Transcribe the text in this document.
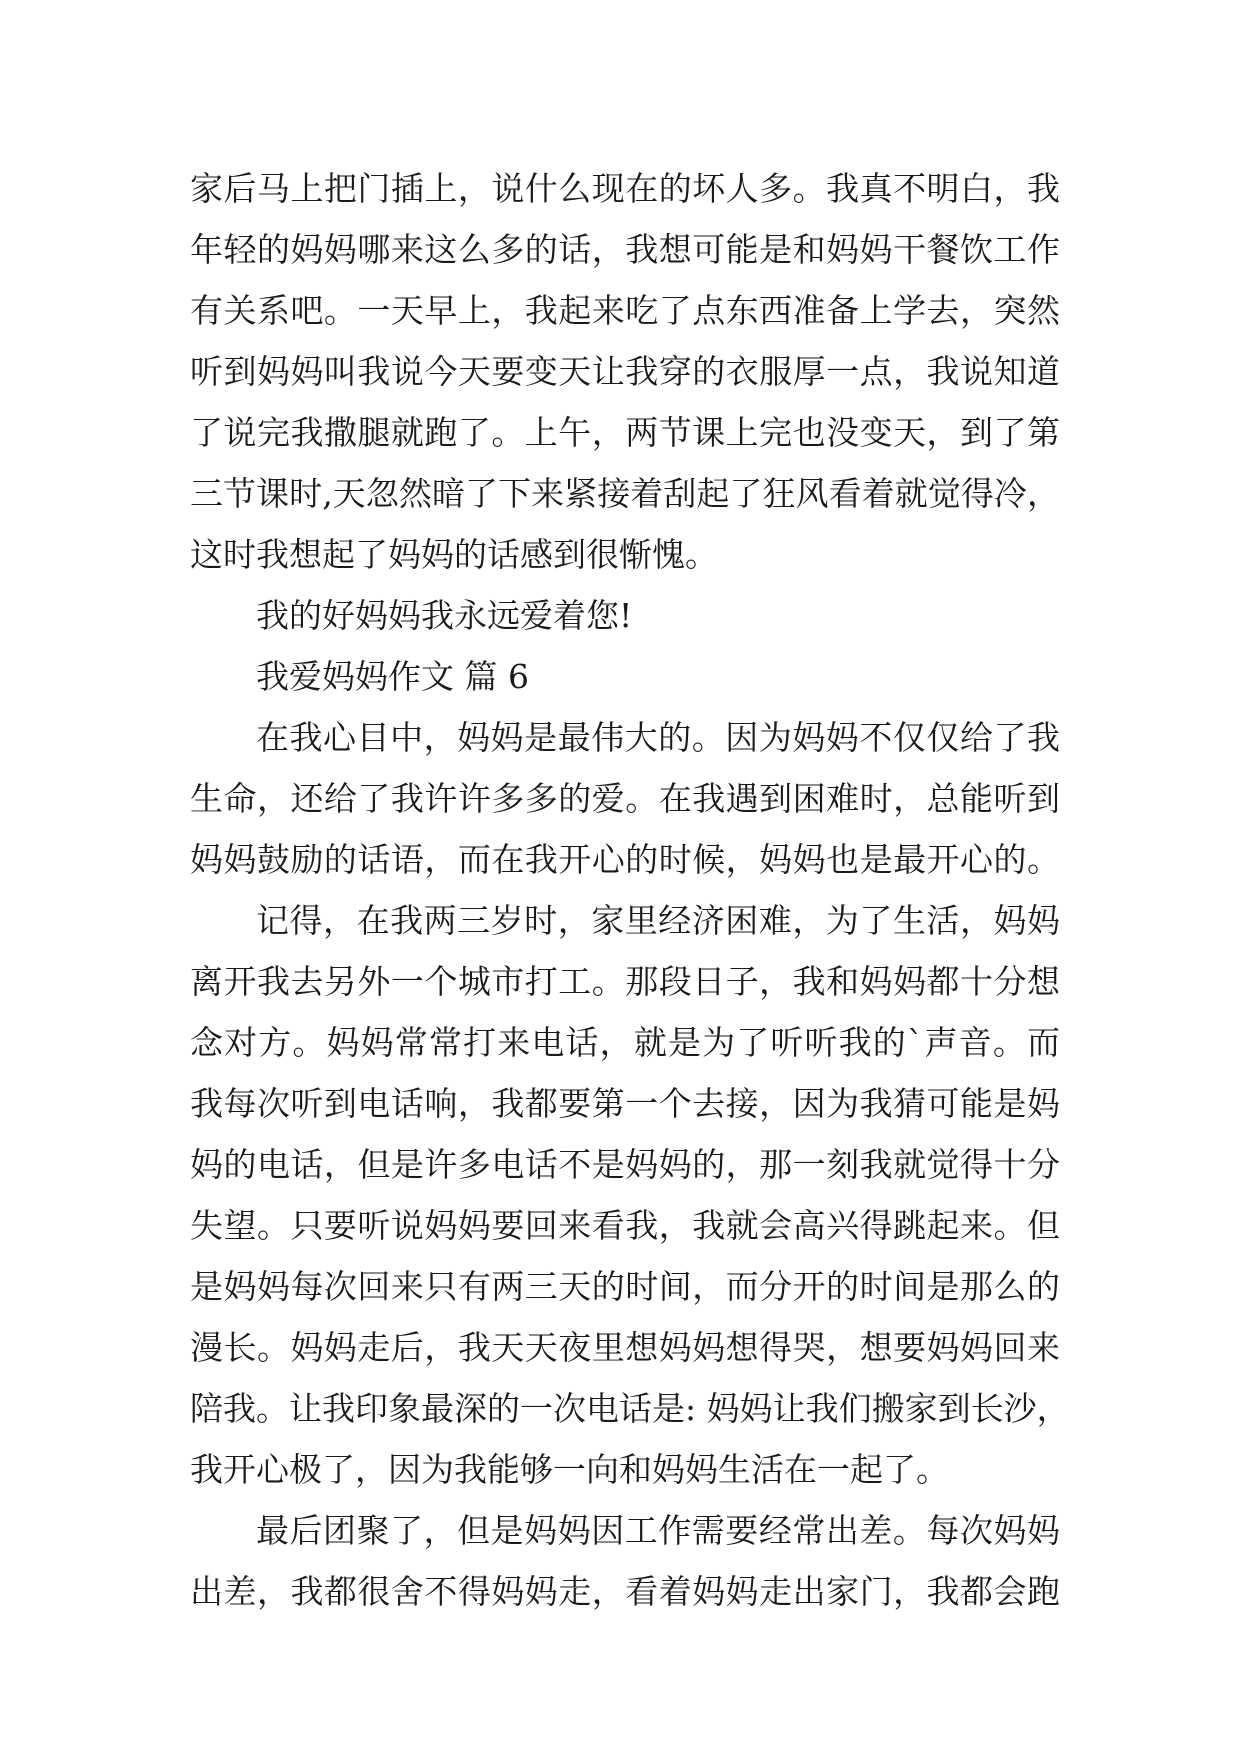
家后马上把门插上，说什么现在的坏人多。我真不明白，我
年轻的妈妈哪来这么多的话，我想可能是和妈妈干餐饮工作
有关系吧。一天早上，我起来吃了点东西准备上学去，突然
听到妈妈叫我说今天要变天让我穿的衣服厚一点，我说知道
了说完我撒腿就跑了。上午，两节课上完也没变天，到了第
三节课时,天忽然暗了下来紧接着刮起了狂风看着就觉得冷，
这时我想起了妈妈的话感到很惭愧。
我的好妈妈我永远爱着您!
我爱妈妈作文 篇 6
在我心目中，妈妈是最伟大的。因为妈妈不仅仅给了我
生命，还给了我许许多多的爱。在我遇到困难时，总能听到
妈妈鼓励的话语，而在我开心的时候，妈妈也是最开心的。
记得，在我两三岁时，家里经济困难，为了生活，妈妈
离开我去另外一个城市打工。那段日子，我和妈妈都十分想
念对方。妈妈常常打来电话，就是为了听听我的`声音。而
我每次听到电话响，我都要第一个去接，因为我猜可能是妈
妈的电话，但是许多电话不是妈妈的，那一刻我就觉得十分
失望。只要听说妈妈要回来看我，我就会高兴得跳起来。但
是妈妈每次回来只有两三天的时间，而分开的时间是那么的
漫长。妈妈走后，我天天夜里想妈妈想得哭，想要妈妈回来
陪我。让我印象最深的一次电话是: 妈妈让我们搬家到长沙，
我开心极了，因为我能够一向和妈妈生活在一起了。
最后团聚了，但是妈妈因工作需要经常出差。每次妈妈
出差，我都很舍不得妈妈走，看着妈妈走出家门，我都会跑
